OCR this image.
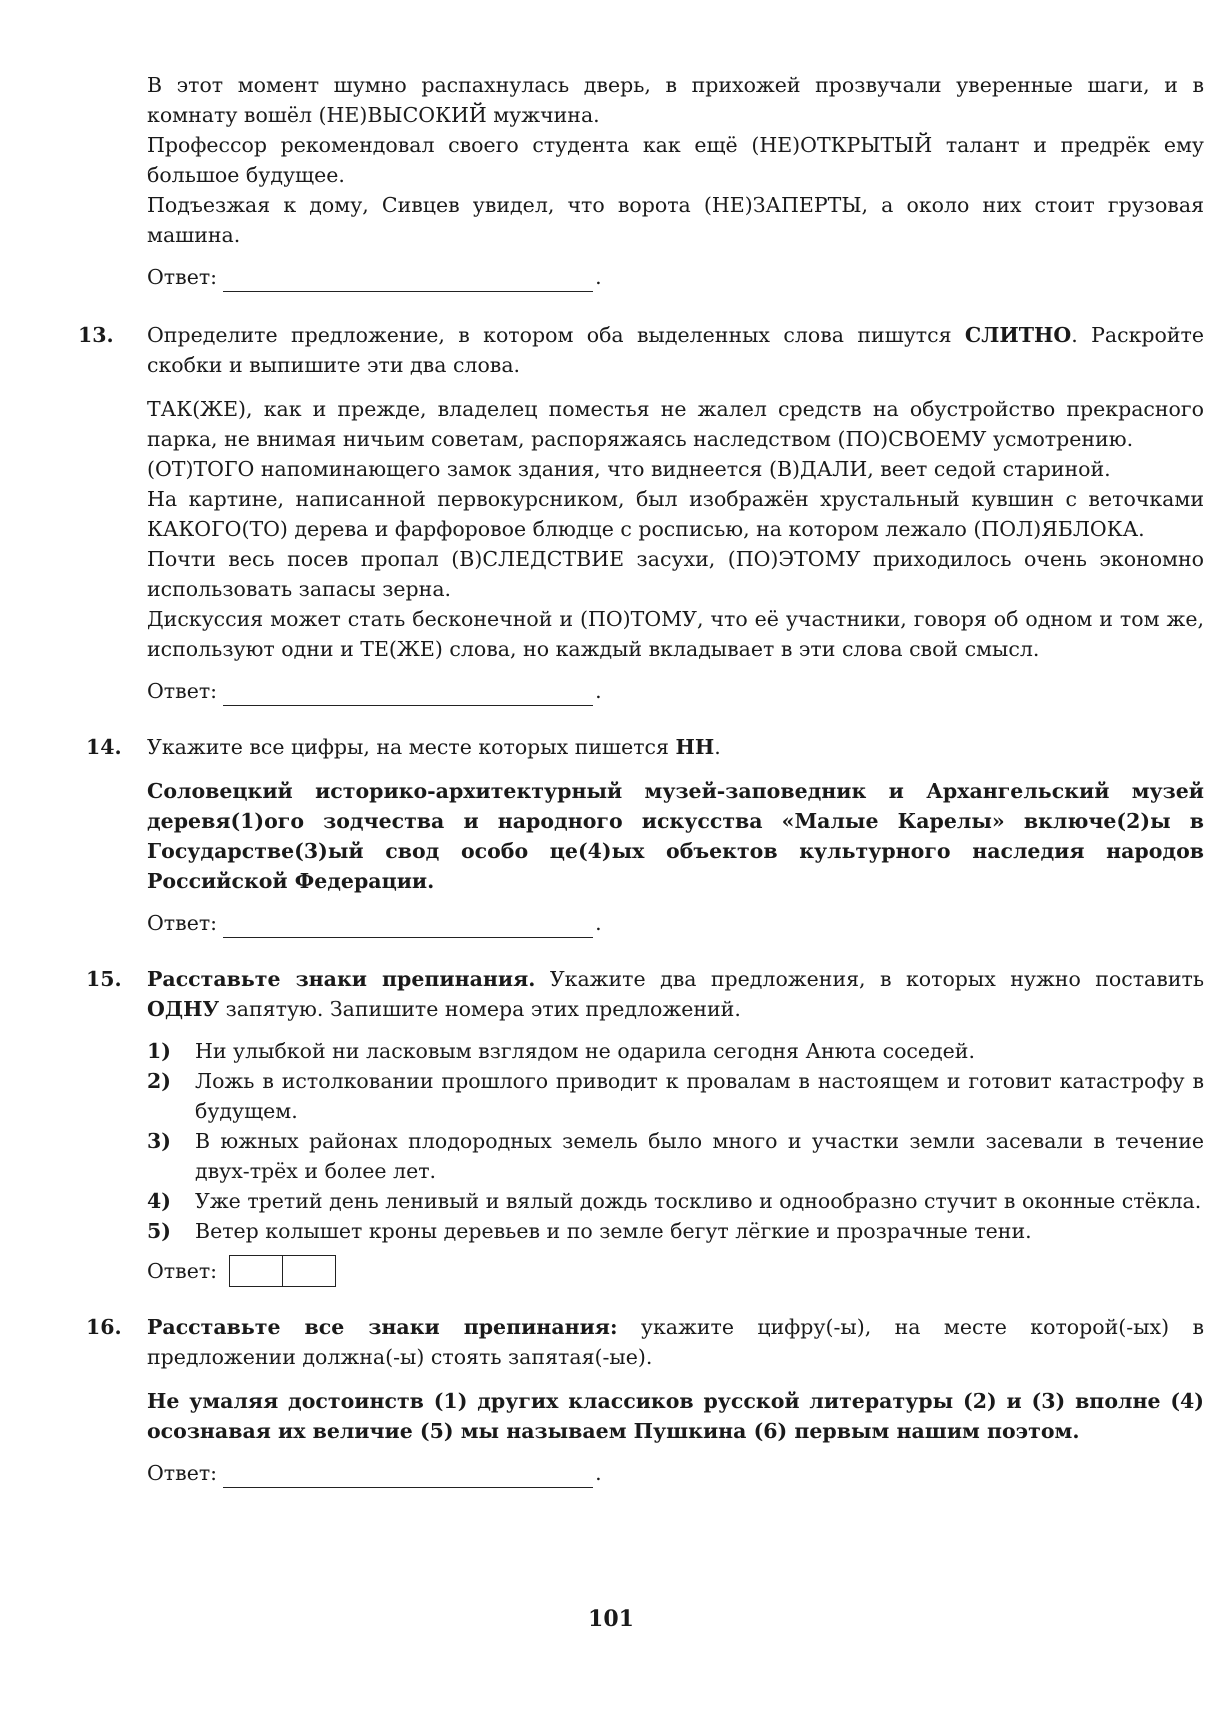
В этот момент шумно распахнулась дверь, в прихожей прозвучали уверенные шаги, и в комнату вошёл (НЕ)ВЫСОКИЙ мужчина.

Профессор рекомендовал своего студента как ещё (НЕ)ОТКРЫТЫЙ талант и предрёк ему большое будущее.

Подъезжая к дому, Сивцев увидел, что ворота (НЕ)ЗАПЕРТЫ, а около них стоит грузовая машина.

Ответ:	.
13. Определите предложение, в котором оба выделенных слова пишутся СЛИТНО. Раскройте скобки и выпишите эти два слова.

ТАК(ЖЕ), как и прежде, владелец поместья не жалел средств на обустройство прекрасного парка, не внимая ничьим советам, распоряжаясь наследством (ПО)СВОЕМУ усмотрению.

(ОТ)ТОГО напоминающего замок здания, что виднеется (В)ДАЛИ, веет седой стариной.

На картине, написанной первокурсником, был изображён хрустальный кувшин с веточками КАКОГО(ТО) дерева и фарфоровое блюдце с росписью, на котором лежало (ПОЛ)ЯБЛОКА.

Почти весь посев пропал (В)СЛЕДСТВИЕ засухи, (ПО)ЭТОМУ приходилось очень экономно использовать запасы зерна.

Дискуссия может стать бесконечной и (ПО)ТОМУ, что её участники, говоря об одном и том же, используют одни и ТЕ(ЖЕ) слова, но каждый вкладывает в эти слова свой смысл.

Ответ:	.
14. Укажите все цифры, на месте которых пишется НН.

Соловецкий историко-архитектурный музей-заповедник и Архангельский музей деревя(1)ого зодчества и народного искусства «Малые Карелы» включе(2)ы в Государстве(3)ый свод особо це(4)ых объектов культурного наследия народов Российской Федерации.

Ответ:	.
15. Расставьте знаки препинания. Укажите два предложения, в которых нужно поставить ОДНУ запятую. Запишите номера этих предложений.

1)	Ни улыбкой ни ласковым взглядом не одарила сегодня Анюта соседей.
2)	Ложь в истолковании прошлого приводит к провалам в настоящем и готовит катастрофу в будущем.
3)	В южных районах плодородных земель было много и участки земли засевали в течение двух-трёх и более лет.
4)	Уже третий день ленивый и вялый дождь тоскливо и однообразно стучит в оконные стёкла.
5)	Ветер колышет кроны деревьев и по земле бегут лёгкие и прозрачные тени.
Ответ:
16. Расставьте все знаки препинания: укажите цифру(-ы), на месте которой(-ых) в предложении должна(-ы) стоять запятая(-ые).

Не умаляя достоинств (1) других классиков русской литературы (2) и (3) вполне (4) осознавая их величие (5) мы называем Пушкина (6) первым нашим поэтом.

Ответ:	.
101
